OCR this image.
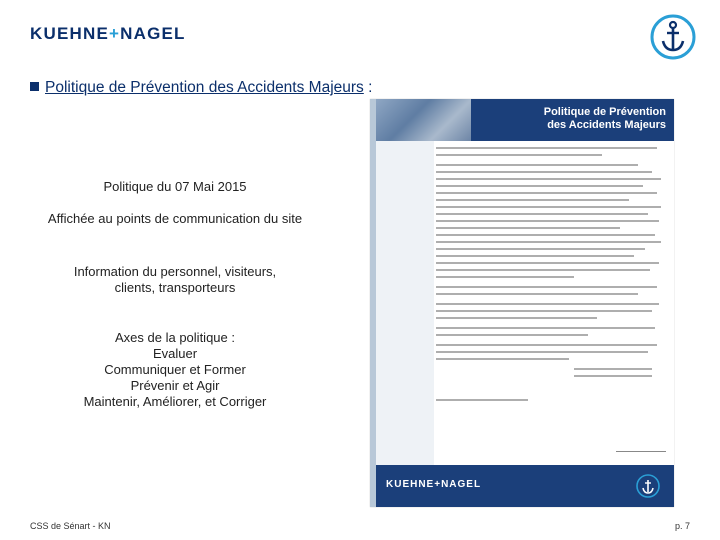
KUEHNE+NAGEL
Politique de Prévention des Accidents Majeurs :
Politique du 07 Mai 2015
Affichée au points de communication du site
Information du personnel, visiteurs,
clients, transporteurs
Axes de la politique :
Evaluer
Communiquer et Former
Prévenir et Agir
Maintenir, Améliorer, et Corriger
Politique de Prévention
des Accidents Majeurs
KUEHNE+NAGEL
CSS de Sénart - KN	p. 7
